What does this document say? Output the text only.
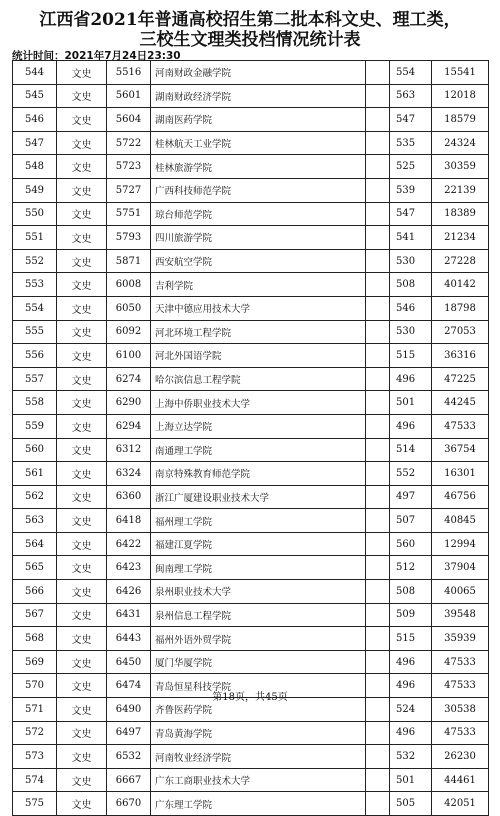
江西省2021年普通高校招生第二批本科文史、理工类，
三校生文理类投档情况统计表
统计时间：2021年7月24日23:30
544	文史	5516	河南财政金融学院		554	15541
545	文史	5601	湖南财政经济学院		563	12018
546	文史	5604	湖南医药学院		547	18579
547	文史	5722	桂林航天工业学院		535	24324
548	文史	5723	桂林旅游学院		525	30359
549	文史	5727	广西科技师范学院		539	22139
550	文史	5751	琼台师范学院		547	18389
551	文史	5793	四川旅游学院		541	21234
552	文史	5871	西安航空学院		530	27228
553	文史	6008	吉利学院		508	40142
554	文史	6050	天津中德应用技术大学		546	18798
555	文史	6092	河北环境工程学院		530	27053
556	文史	6100	河北外国语学院		515	36316
557	文史	6274	哈尔滨信息工程学院		496	47225
558	文史	6290	上海中侨职业技术大学		501	44245
559	文史	6294	上海立达学院		496	47533
560	文史	6312	南通理工学院		514	36754
561	文史	6324	南京特殊教育师范学院		552	16301
562	文史	6360	浙江广厦建设职业技术大学		497	46756
563	文史	6418	福州理工学院		507	40845
564	文史	6422	福建江夏学院		560	12994
565	文史	6423	闽南理工学院		512	37904
566	文史	6426	泉州职业技术大学		508	40065
567	文史	6431	泉州信息工程学院		509	39548
568	文史	6443	福州外语外贸学院		515	35939
569	文史	6450	厦门华厦学院		496	47533
570	文史	6474	青岛恒星科技学院		496	47533
571	文史	6490	齐鲁医药学院		524	30538
572	文史	6497	青岛黄海学院		496	47533
573	文史	6532	河南牧业经济学院		532	26230
574	文史	6667	广东工商职业技术大学		501	44461
575	文史	6670	广东理工学院		505	42051
第18页，共45页
